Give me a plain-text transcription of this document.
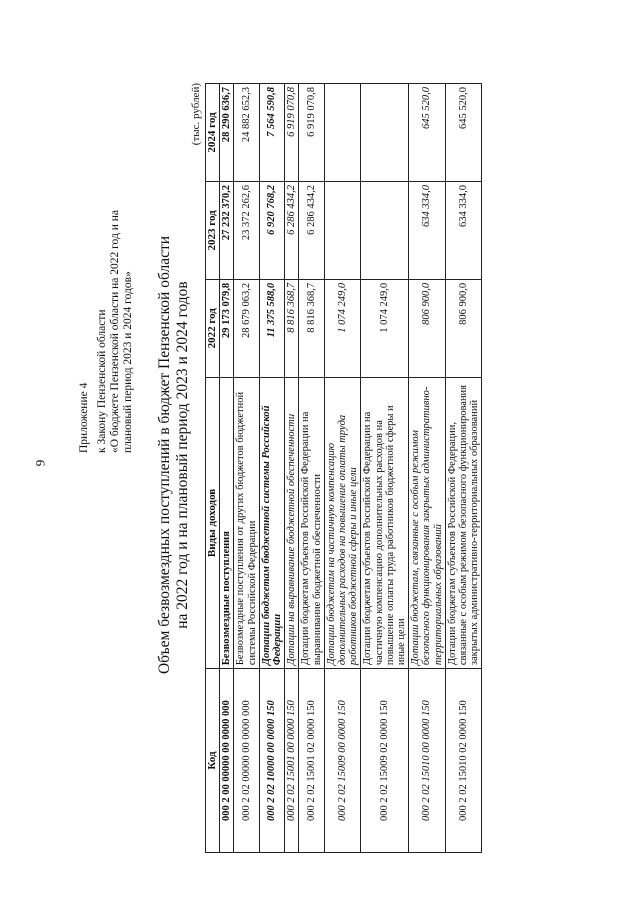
9
Приложение 4 к Закону Пензенской области «О бюджете Пензенской области на 2022 год и на плановый период 2023 и 2024 годов» Объем безвозмездных поступлений в бюджет Пензенской области на 2022 год и на плановый период 2023 и 2024 годов
(тыс. рублей)
Код	Виды доходов	2022 год	2023 год	2024 год
000 2 00 00000 00 0000 000	Безвозмездные поступления	29 173 079,8	27 232 370,2	28 290 636,7
000 2 02 00000 00 0000 000	Безвозмездные поступления от других бюджетов бюджетной системы Российской Федерации	28 679 063,2	23 372 262,6	24 882 652,3
000 2 02 10000 00 0000 150	Дотации бюджетам бюджетной системы Российской Федерации	11 375 588,0	6 920 768,2	7 564 590,8
000 2 02 15001 00 0000 150	Дотации на выравнивание бюджетной обеспеченности	8 816 368,7	6 286 434,2	6 919 070,8
000 2 02 15001 02 0000 150	Дотации бюджетам субъектов Российской Федерации на выравнивание бюджетной обеспеченности	8 816 368,7	6 286 434,2	6 919 070,8
000 2 02 15009 00 0000 150	Дотации бюджетам на частичную компенсацию дополнительных расходов на повышение оплаты труда работников бюджетной сферы и иные цели	1 074 249,0		
000 2 02 15009 02 0000 150	Дотации бюджетам субъектов Российской Федерации на частичную компенсацию дополнительных расходов на повышение оплаты труда работников бюджетной сферы и иные цели	1 074 249,0		
000 2 02 15010 00 0000 150	Дотации бюджетам, связанные с особым режимом безопасного функционирования закрытых административно-территориальных образований	806 900,0	634 334,0	645 520,0
000 2 02 15010 02 0000 150	Дотации бюджетам субъектов Российской Федерации, связанные с особым режимом безопасного функционирования закрытых административно-территориальных образований	806 900,0	634 334,0	645 520,0
